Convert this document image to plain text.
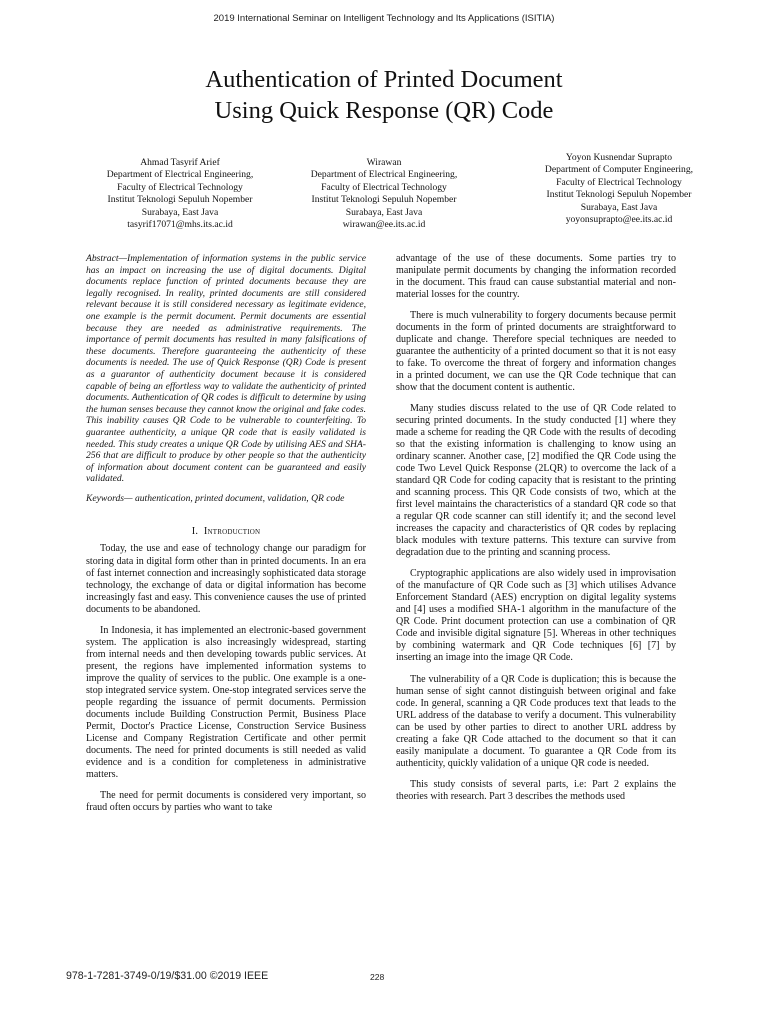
2019 International Seminar on Intelligent Technology and Its Applications (ISITIA)
Authentication of Printed Document
Using Quick Response (QR) Code
Ahmad Tasyrif Arief
Department of Electrical Engineering,
Faculty of Electrical Technology
Institut Teknologi Sepuluh Nopember
Surabaya, East Java
tasyrif17071@mhs.its.ac.id
Wirawan
Department of Electrical Engineering,
Faculty of Electrical Technology
Institut Teknologi Sepuluh Nopember
Surabaya, East Java
wirawan@ee.its.ac.id
Yoyon Kusnendar Suprapto
Department of Computer Engineering,
Faculty of Electrical Technology
Institut Teknologi Sepuluh Nopember
Surabaya, East Java
yoyonsuprapto@ee.its.ac.id

Abstract—Implementation of information systems in the public service has an impact on increasing the use of digital documents. Digital documents replace function of printed documents because they are legally recognised. In reality, printed documents are still considered relevant because it is still considered necessary as legitimate evidence, one example is the permit document. Permit documents are essential because they are needed as administrative requirements. The importance of permit documents has resulted in many falsifications of these documents. Therefore guaranteeing the authenticity of these documents is needed. The use of Quick Response (QR) Code is present as a guarantor of authenticity document because it is considered capable of being an effortless way to validate the authenticity of printed documents. Authentication of QR codes is difficult to determine by using the human senses because they cannot know the original and fake codes. This inability causes QR Code to be vulnerable to counterfeiting. To guarantee authenticity, a unique QR code that is easily validated is needed. This study creates a unique QR Code by utilising AES and SHA-256 that are difficult to produce by other people so that the authenticity of information about document content can be guaranteed and easily validated.

Keywords— authentication, printed document, validation, QR code

I. Introduction

Today, the use and ease of technology change our paradigm for storing data in digital form other than in printed documents. In an era of fast internet connection and increasingly sophisticated data storage technology, the exchange of data or digital information has become increasingly fast and easy. This convenience causes the use of printed documents to be abandoned.

In Indonesia, it has implemented an electronic-based government system. The application is also increasingly widespread, starting from internal needs and then developing towards public services. At present, the regions have implemented information systems to improve the quality of services to the public. One example is a one-stop integrated service system. One-stop integrated services serve the people regarding the issuance of permit documents. Permission documents include Building Construction Permit, Business Place Permit, Doctor's Practice License, Construction Service Business License and Company Registration Certificate and other permit documents. The need for printed documents is still needed as valid evidence and is a condition for completeness in administrative matters.

The need for permit documents is considered very important, so fraud often occurs by parties who want to take

advantage of the use of these documents. Some parties try to manipulate permit documents by changing the information recorded in the document. This fraud can cause substantial material and non-material losses for the country.

There is much vulnerability to forgery documents because permit documents in the form of printed documents are straightforward to duplicate and change. Therefore special techniques are needed to guarantee the authenticity of a printed document so that it is not easy to fake. To overcome the threat of forgery and information changes in a printed document, we can use the QR Code technique that can show that the document content is authentic.

Many studies discuss related to the use of QR Code related to securing printed documents. In the study conducted [1] where they made a scheme for reading the QR Code with the results of decoding so that the existing information is challenging to know using an ordinary scanner. Another case, [2] modified the QR Code using the code Two Level Quick Response (2LQR) to overcome the lack of a standard QR Code for coding capacity that is resistant to the printing and scanning process. This QR Code consists of two, which at the first level maintains the characteristics of a standard QR code so that a regular QR code scanner can still identify it; and the second level increases the capacity and characteristics of QR codes by replacing black modules with texture patterns. This texture can survive from degradation due to the printing and scanning process.

Cryptographic applications are also widely used in improvisation of the manufacture of QR Code such as [3] which utilises Advance Enforcement Standard (AES) encryption on digital legality systems and [4] uses a modified SHA-1 algorithm in the manufacture of the QR Code. Print document protection can use a combination of QR Code and invisible digital signature [5]. Whereas in other techniques by combining watermark and QR Code techniques [6] [7] by inserting an image into the image QR Code.

The vulnerability of a QR Code is duplication; this is because the human sense of sight cannot distinguish between original and fake code. In general, scanning a QR Code produces text that leads to the URL address of the database to verify a document. This vulnerability can be used by other parties to direct to another URL address by creating a fake QR Code attached to the document so that it can easily manipulate a document. To guarantee a QR Code from its authenticity, quickly validation of a unique QR code is needed.

This study consists of several parts, i.e: Part 2 explains the theories with research. Part 3 describes the methods used

978-1-7281-3749-0/19/$31.00 ©2019 IEEE	228
